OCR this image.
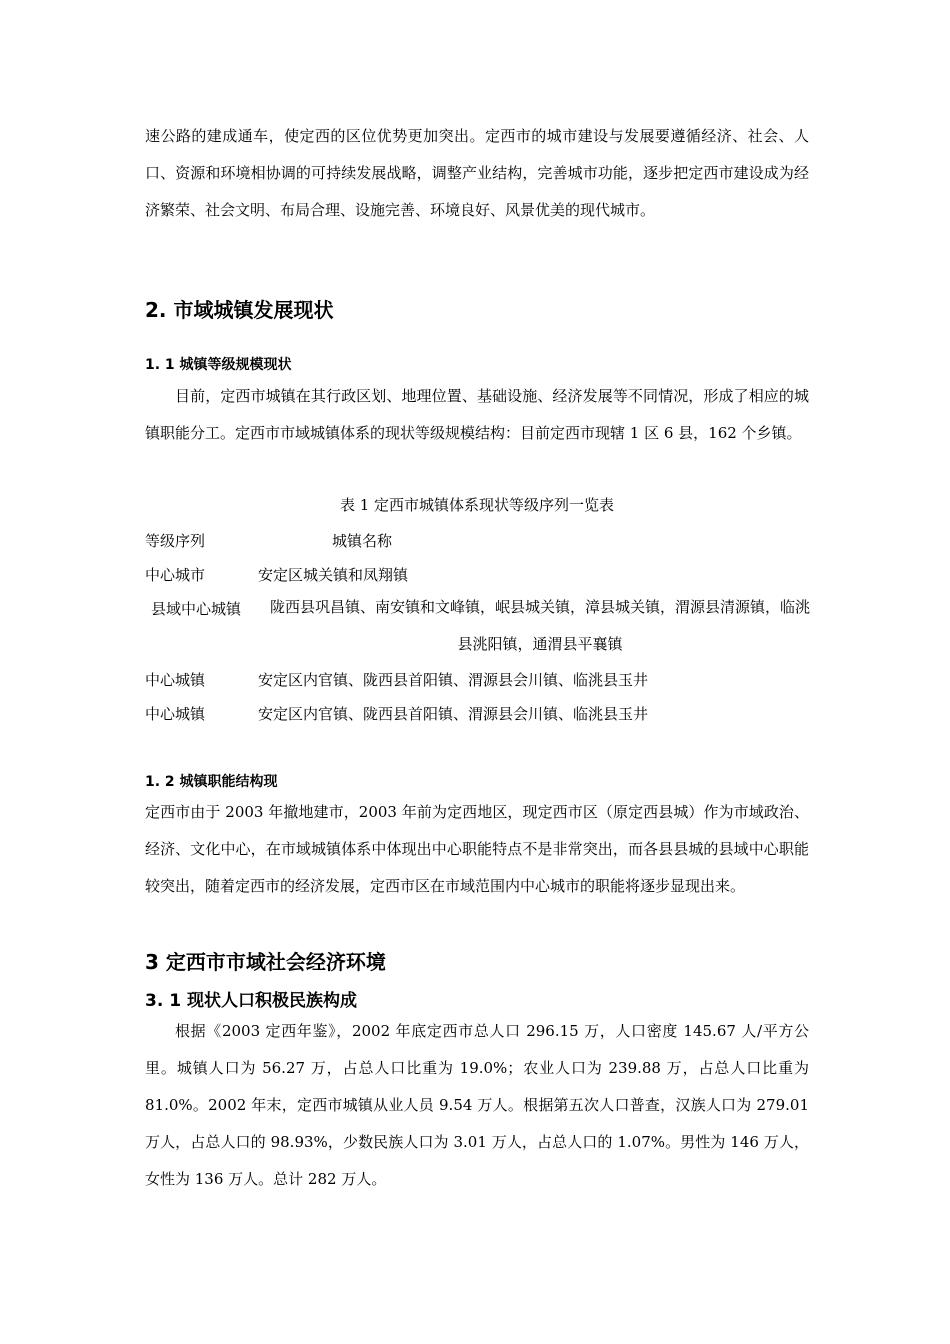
速公路的建成通车，使定西的区位优势更加突出。定西市的城市建设与发展要遵循经济、社会、人口、资源和环境相协调的可持续发展战略，调整产业结构，完善城市功能，逐步把定西市建设成为经济繁荣、社会文明、布局合理、设施完善、环境良好、风景优美的现代城市。

2. 市域城镇发展现状
1. 1 城镇等级规模现状

目前，定西市城镇在其行政区划、地理位置、基础设施、经济发展等不同情况，形成了相应的城镇职能分工。定西市市域城镇体系的现状等级规模结构：目前定西市现辖 1 区 6 县，162 个乡镇。

表 1 定西市城镇体系现状等级序列一览表

等级序列	城镇名称
中心城市	安定区城关镇和凤翔镇
县域中心城镇 陇西县巩昌镇、南安镇和文峰镇，岷县城关镇，漳县城关镇，渭源县清源镇，临洮县洮阳镇，通渭县平襄镇
中心城镇	安定区内官镇、陇西县首阳镇、渭源县会川镇、临洮县玉井
中心城镇	安定区内官镇、陇西县首阳镇、渭源县会川镇、临洮县玉井
1. 2 城镇职能结构现

定西市由于 2003 年撤地建市，2003 年前为定西地区，现定西市区（原定西县城）作为市域政治、经济、文化中心，在市域城镇体系中体现出中心职能特点不是非常突出，而各县县城的县域中心职能较突出，随着定西市的经济发展，定西市区在市域范围内中心城市的职能将逐步显现出来。

3 定西市市域社会经济环境
3. 1 现状人口积极民族构成

根据《2003 定西年鉴》，2002 年底定西市总人口 296.15 万，人口密度 145.67 人/平方公里。城镇人口为 56.27 万，占总人口比重为 19.0%；农业人口为 239.88 万，占总人口比重为 81.0%。2002 年末，定西市城镇从业人员 9.54 万人。根据第五次人口普查，汉族人口为 279.01 万人，占总人口的 98.93%，少数民族人口为 3.01 万人，占总人口的 1.07%。男性为 146 万人，女性为 136 万人。总计 282 万人。
